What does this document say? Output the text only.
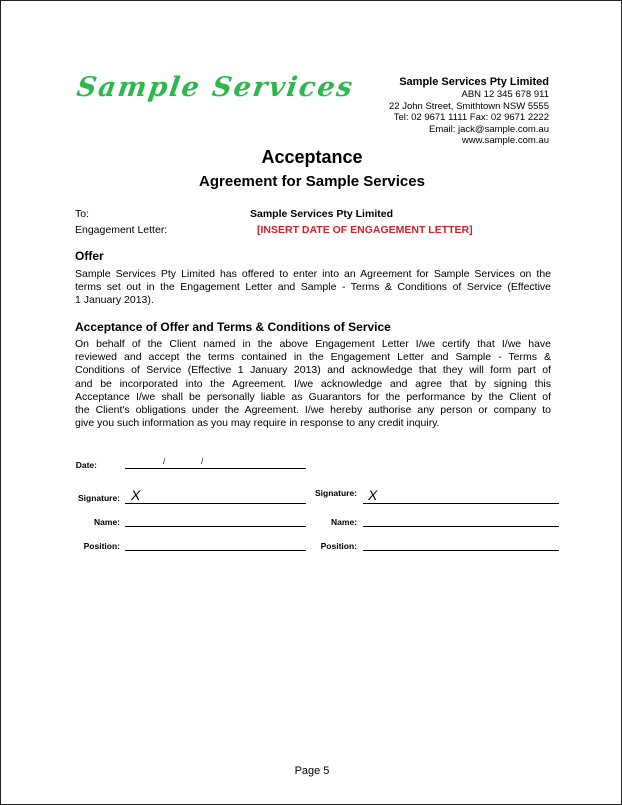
Sample Services	Sample Services Pty Limited
ABN 12 345 678 911
22 John Street, Smithtown NSW 5555
Tel: 02 9671 1111 Fax: 02 9671 2222
Email: jack@sample.com.au
www.sample.com.au
Acceptance
Agreement for Sample Services
To:	Sample Services Pty Limited
Engagement Letter:	[INSERT DATE OF ENGAGEMENT LETTER]
Offer
Sample Services Pty Limited has offered to enter into an Agreement for Sample Services on the
terms set out in the Engagement Letter and Sample - Terms & Conditions of Service (Effective
1 January 2013).
Acceptance of Offer and Terms & Conditions of Service
On behalf of the Client named in the above Engagement Letter I/we certify that I/we have
reviewed and accept the terms contained in the Engagement Letter and Sample - Terms &
Conditions of Service (Effective 1 January 2013) and acknowledge that they will form part of
and be incorporated into the Agreement. I/we acknowledge and agree that by signing this
Acceptance I/we shall be personally liable as Guarantors for the performance by the Client of
the Client's obligations under the Agreement. I/we hereby authorise any person or company to
give you such information as you may require in response to any credit inquiry.
Date:	/	/
Signature: X	Signature: X
Name:	Name:
Position:	Position:
Page 5
